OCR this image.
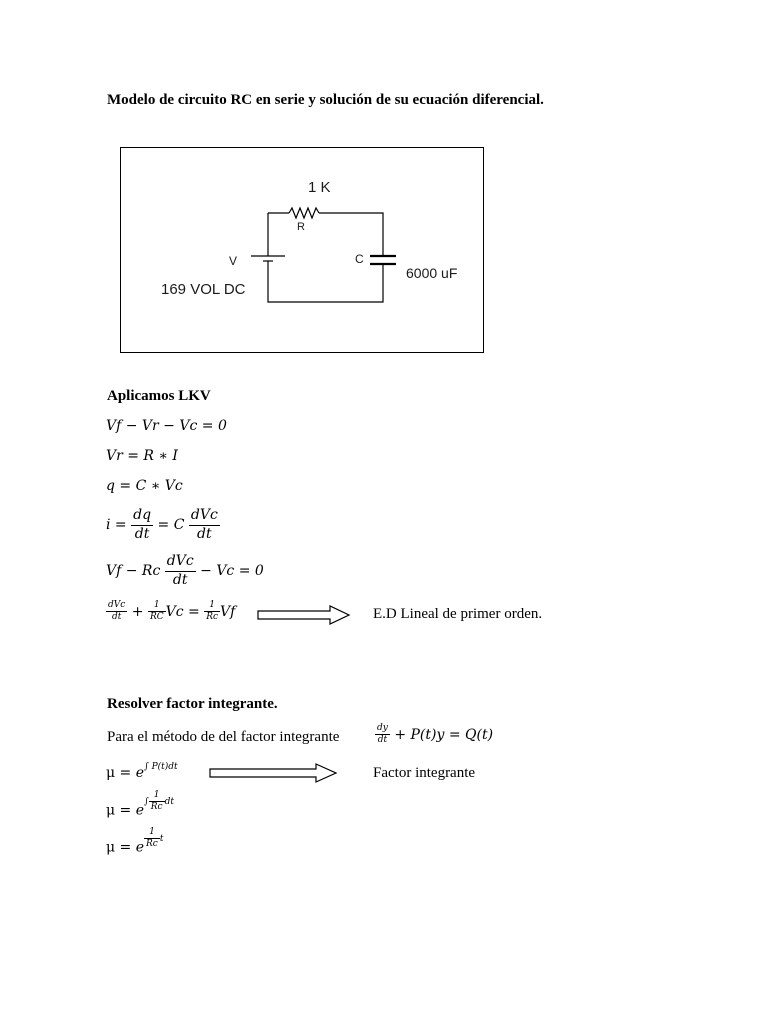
Modelo de circuito RC en serie y solución de su ecuación diferencial.
1 K
R
V
169 VOL DC
C
6000 uF
Aplicamos LKV
Vf − Vr − Vc = 0
Vr = R ∗ I
q = C ∗ Vc
$i = \frac{dq}{dt} = C \frac{\text{dVc}}{dt}$
Vf − Rc $\frac{\text{dVc}}{dt} - Vc = 0$
$\frac{\text{dVc}}{dt} + \frac{1}{RC}$ $Vc = \frac{1}{Rc}$ Vf	E.D Lineal de primer orden.
Resolver factor integrante.
Para el método de del factor integrante	$\frac{dy}{dt} + P(t)y = Q(t)$
$\mu = e^{\int P(t)dt}$	Factor integrante
$\mu = e^{\int \frac{1}{Rc} dt}$
μ = e $^{\frac{1}{Rc} t}$
